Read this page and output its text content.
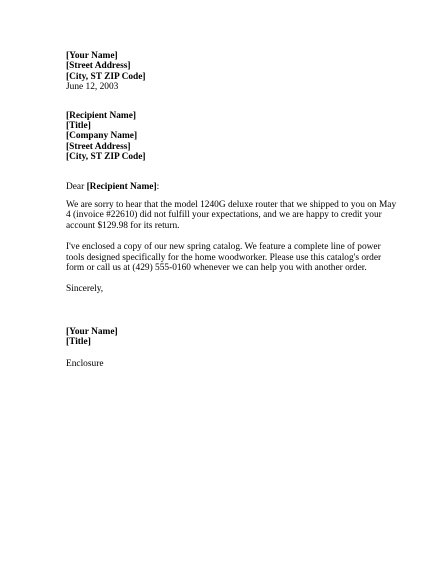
[Your Name]
[Street Address]
[City, ST ZIP Code]
June 12, 2003
[Recipient Name]
[Title]
[Company Name]
[Street Address]
[City, ST ZIP Code]
Dear [Recipient Name]:
We are sorry to hear that the model 1240G deluxe router that we shipped to you on May
4 (invoice #22610) did not fulfill your expectations, and we are happy to credit your
account $129.98 for its return.
I've enclosed a copy of our new spring catalog. We feature a complete line of power
tools designed specifically for the home woodworker. Please use this catalog's order
form or call us at (429) 555-0160 whenever we can help you with another order.
Sincerely,
[Your Name]
[Title]
Enclosure
